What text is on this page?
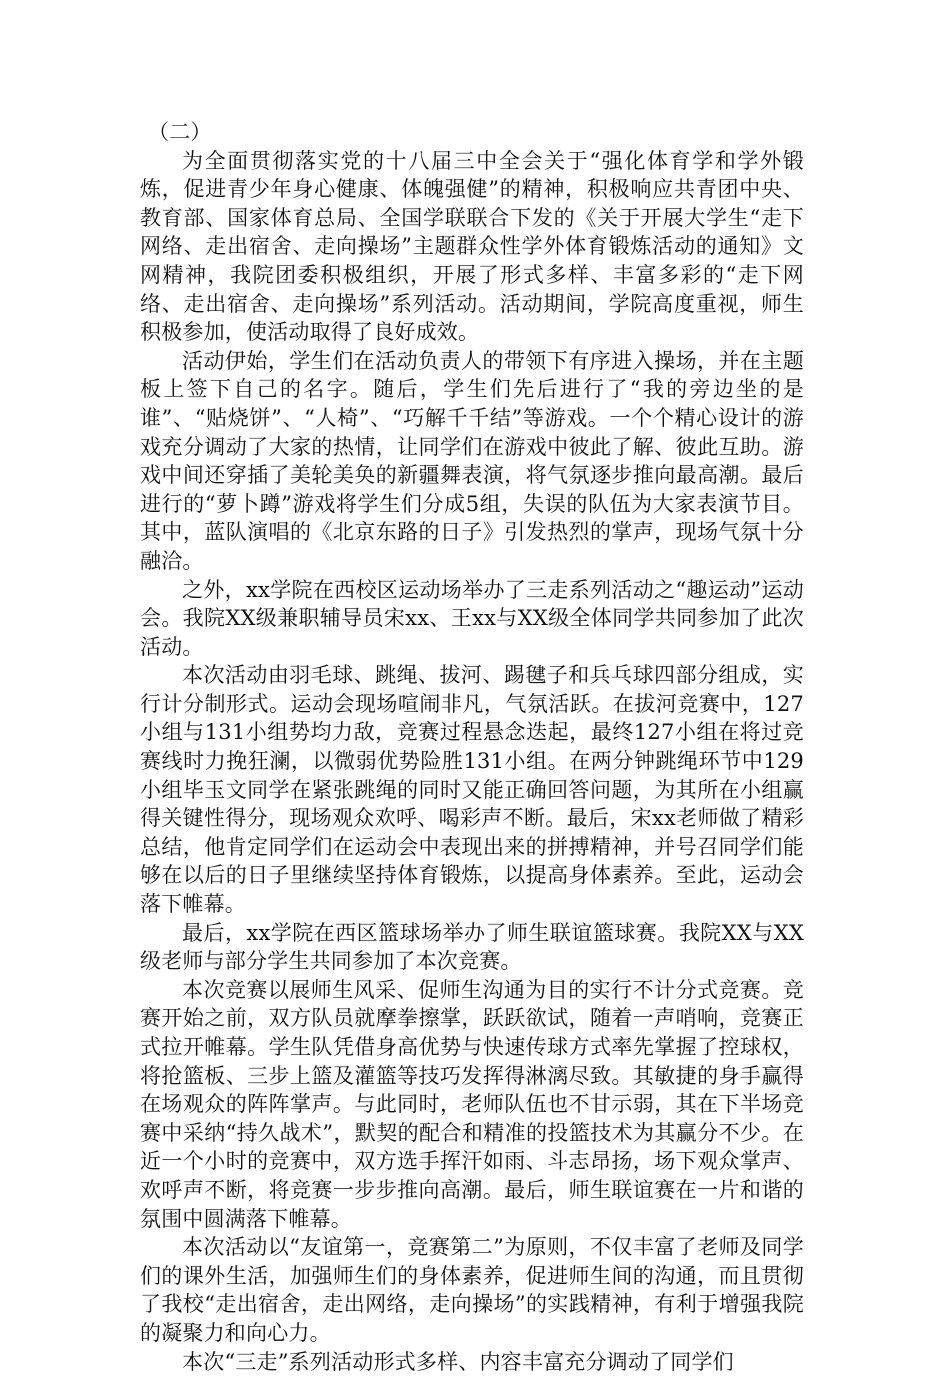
（二）

为全面贯彻落实党的十八届三中全会关于“强化体育学和学外锻炼，促进青少年身心健康、体魄强健”的精神，积极响应共青团中央、教育部、国家体育总局、全国学联联合下发的《关于开展大学生“走下网络、走出宿舍、走向操场”主题群众性学外体育锻炼活动的通知》文网精神，我院团委积极组织，开展了形式多样、丰富多彩的“走下网络、走出宿舍、走向操场”系列活动。活动期间，学院高度重视，师生积极参加，使活动取得了良好成效。

活动伊始，学生们在活动负责人的带领下有序进入操场，并在主题板上签下自己的名字。随后，学生们先后进行了“我的旁边坐的是谁”、“贴烧饼”、“人椅”、“巧解千千结”等游戏。一个个精心设计的游戏充分调动了大家的热情，让同学们在游戏中彼此了解、彼此互助。游戏中间还穿插了美轮美奂的新疆舞表演，将气氛逐步推向最高潮。最后进行的“萝卜蹲”游戏将学生们分成5组，失误的队伍为大家表演节目。其中，蓝队演唱的《北京东路的日子》引发热烈的掌声，现场气氛十分融洽。

之外，xx学院在西校区运动场举办了三走系列活动之“趣运动”运动会。我院XX级兼职辅导员宋xx、王xx与XX级全体同学共同参加了此次活动。

本次活动由羽毛球、跳绳、拔河、踢毽子和兵乓球四部分组成，实行计分制形式。运动会现场喧闹非凡，气氛活跃。在拔河竞赛中，127小组与131小组势均力敌，竞赛过程悬念迭起，最终127小组在将过竞赛线时力挽狂澜，以微弱优势险胜131小组。在两分钟跳绳环节中129小组毕玉文同学在紧张跳绳的同时又能正确回答问题，为其所在小组赢得关键性得分，现场观众欢呼、喝彩声不断。最后，宋xx老师做了精彩总结，他肯定同学们在运动会中表现出来的拼搏精神，并号召同学们能够在以后的日子里继续坚持体育锻炼，以提高身体素养。至此，运动会落下帷幕。

最后，xx学院在西区篮球场举办了师生联谊篮球赛。我院XX与XX级老师与部分学生共同参加了本次竞赛。

本次竞赛以展师生风采、促师生沟通为目的实行不计分式竞赛。竞赛开始之前，双方队员就摩拳擦掌，跃跃欲试，随着一声哨响，竞赛正式拉开帷幕。学生队凭借身高优势与快速传球方式率先掌握了控球权，将抢篮板、三步上篮及灌篮等技巧发挥得淋漓尽致。其敏捷的身手赢得在场观众的阵阵掌声。与此同时，老师队伍也不甘示弱，其在下半场竞赛中采纳“持久战术”，默契的配合和精准的投篮技术为其赢分不少。在近一个小时的竞赛中，双方选手挥汗如雨、斗志昂扬，场下观众掌声、欢呼声不断，将竞赛一步步推向高潮。最后，师生联谊赛在一片和谐的氛围中圆满落下帷幕。

本次活动以“友谊第一，竞赛第二”为原则，不仅丰富了老师及同学们的课外生活，加强师生们的身体素养，促进师生间的沟通，而且贯彻了我校“走出宿舍，走出网络，走向操场”的实践精神，有利于增强我院的凝聚力和向心力。

本次“三走”系列活动形式多样、内容丰富充分调动了同学们
